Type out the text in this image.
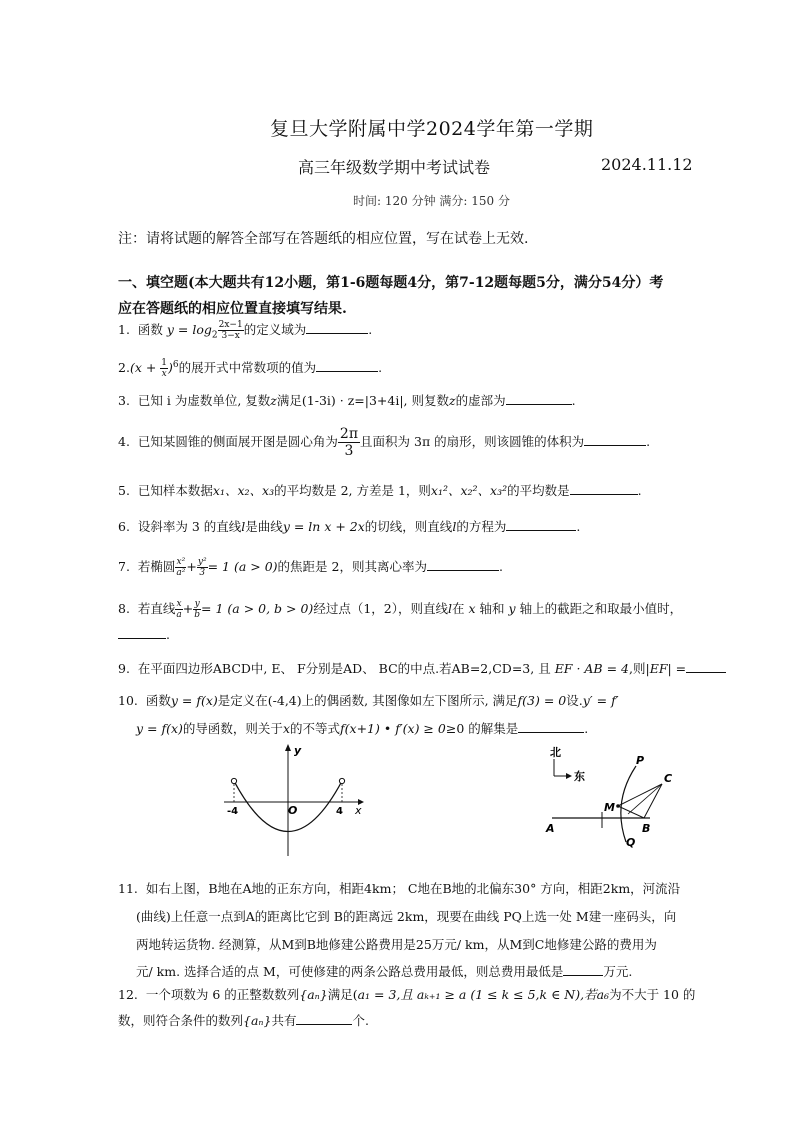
复旦大学附属中学2024学年第一学期
高三年级数学期中考试试卷	2024.11.12
时间: 120 分钟 满分: 150 分
注：请将试题的解答全部写在答题纸的相应位置，写在试卷上无效.
一、填空题(本大题共有12小题，第1-6题每题4分，第7-12题每题5分，满分54分）考
应在答题纸的相应位置直接填写结果.
1. 函数 $y = \log_2 \frac{2x-1}{3-x}$ 的定义域为	.
$2.(x + \frac{1}{x} )^6$的展开式中常数项的值为	.
3. 已知 i 为虚数单位, 复数z满足(1-3i) · z=|3+4i|, 则复数z的虚部为	.
4. 已知某圆锥的侧面展开图是圆心角为 $\frac{2\pi}{3}$ 且面积为 3π 的扇形，则该圆锥的体积为	.
5. 已知样本数据x₁、x₂、x₃的平均数是 2, 方差是 1，则x₁²、x₂²、x₃²的平均数是	.
6. 设斜率为 3 的直线l是曲线y = ln x + 2x的切线，则直线l的方程为	.
7. 若椭圆 $\frac{\text{x²}}{\text{a²}} + \frac{\text{y²}}{3} = 1$ (a > 0)的焦距是 2，则其离心率为	.
8. 若直线 $\frac{x}{a} + \frac{y}{b} = 1$ (a > 0, b > 0)经过点（1，2），则直线l在 x 轴和 y 轴上的截距之和取最小值时，
.
9. 在平面四边形ABCD中, E、 F分别是AD、 BC的中点.若AB=2,CD=3, 且 EF · AB = 4,则|EF| =
10. 函数y = f(x)是定义在(-4,4)上的偶函数, 其图像如左下图所示, 满足f(3) = 0设.y′ = f′
y = f(x)的导函数，则关于x的不等式f(x+1) • f′(x) ≥ 0≥0 的解集是	.
y
x
O
-4	4
北
东
A
P
Q
M
C
B
11. 如右上图，B地在A地的正东方向，相距4km； C地在B地的北偏东30° 方向，相距2km，河流沿
(曲线)上任意一点到A的距离比它到 B的距离远 2km，现要在曲线 PQ上选一处 M建一座码头，向
两地转运货物. 经测算，从M到B地修建公路费用是25万元/ km，从M到C地修建公路的费用为
元/ km. 选择合适的点 M，可使修建的两条公路总费用最低，则总费用最低是	万元.
12. 一个项数为 6 的正整数数列{aₙ}满足(a₁ = 3,且 aₖ₊₁ ≥ a (1 ≤ k ≤ 5,k ∈ N),若a₆为不大于 10 的
数，则符合条件的数列{aₙ}共有	个.
